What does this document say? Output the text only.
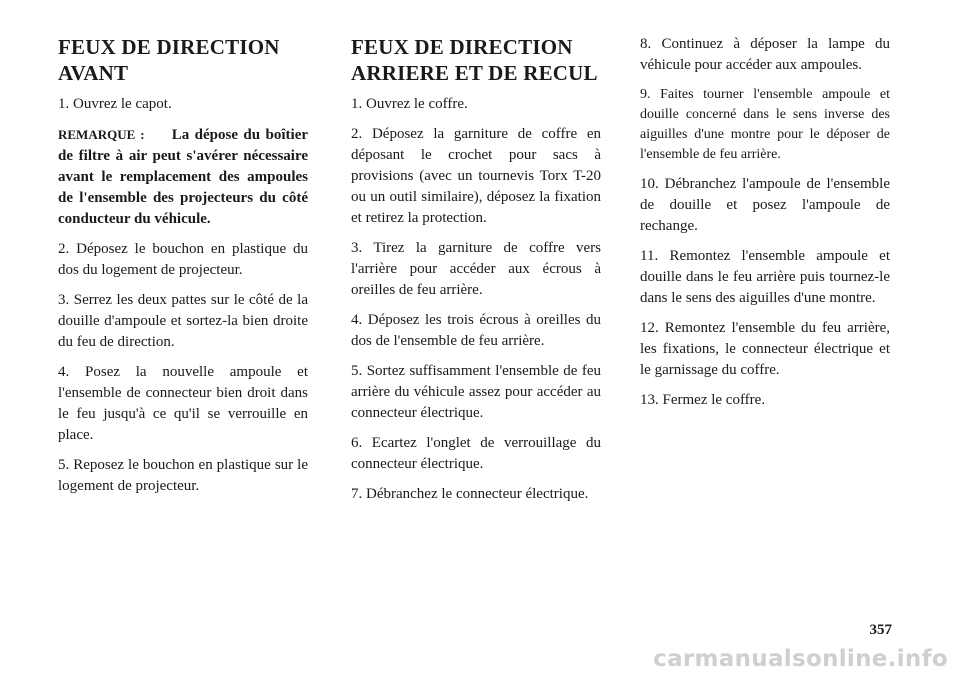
FEUX DE DIRECTION
AVANT

1. Ouvrez le capot.

REMARQUE : La dépose du boîtier de filtre à air peut s'avérer nécessaire avant le remplacement des ampoules de l'ensemble des projecteurs du côté conducteur du véhicule.

2. Déposez le bouchon en plastique du dos du logement de projecteur.

3. Serrez les deux pattes sur le côté de la douille d'ampoule et sortez-la bien droite du feu de direction.

4. Posez la nouvelle ampoule et l'ensemble de connecteur bien droit dans le feu jusqu'à ce qu'il se verrouille en place.

5. Reposez le bouchon en plastique sur le logement de projecteur.

FEUX DE DIRECTION
ARRIERE ET DE RECUL

1. Ouvrez le coffre.

2. Déposez la garniture de coffre en déposant le crochet pour sacs à provisions (avec un tournevis Torx T-20 ou un outil similaire), déposez la fixation et retirez la protection.

3. Tirez la garniture de coffre vers l'arrière pour accéder aux écrous à oreilles de feu arrière.

4. Déposez les trois écrous à oreilles du dos de l'ensemble de feu arrière.

5. Sortez suffisamment l'ensemble de feu arrière du véhicule assez pour accéder au connecteur électrique.

6. Ecartez l'onglet de verrouillage du connecteur électrique.

7. Débranchez le connecteur électrique.

8. Continuez à déposer la lampe du véhicule pour accéder aux ampoules.

9. Faites tourner l'ensemble ampoule et douille concerné dans le sens inverse des aiguilles d'une montre pour le déposer de l'ensemble de feu arrière.

10. Débranchez l'ampoule de l'ensemble de douille et posez l'ampoule de rechange.

11. Remontez l'ensemble ampoule et douille dans le feu arrière puis tournez-le dans le sens des aiguilles d'une montre.

12. Remontez l'ensemble du feu arrière, les fixations, le connecteur électrique et le garnissage du coffre.

13. Fermez le coffre.

357

carmanualsonline.info
